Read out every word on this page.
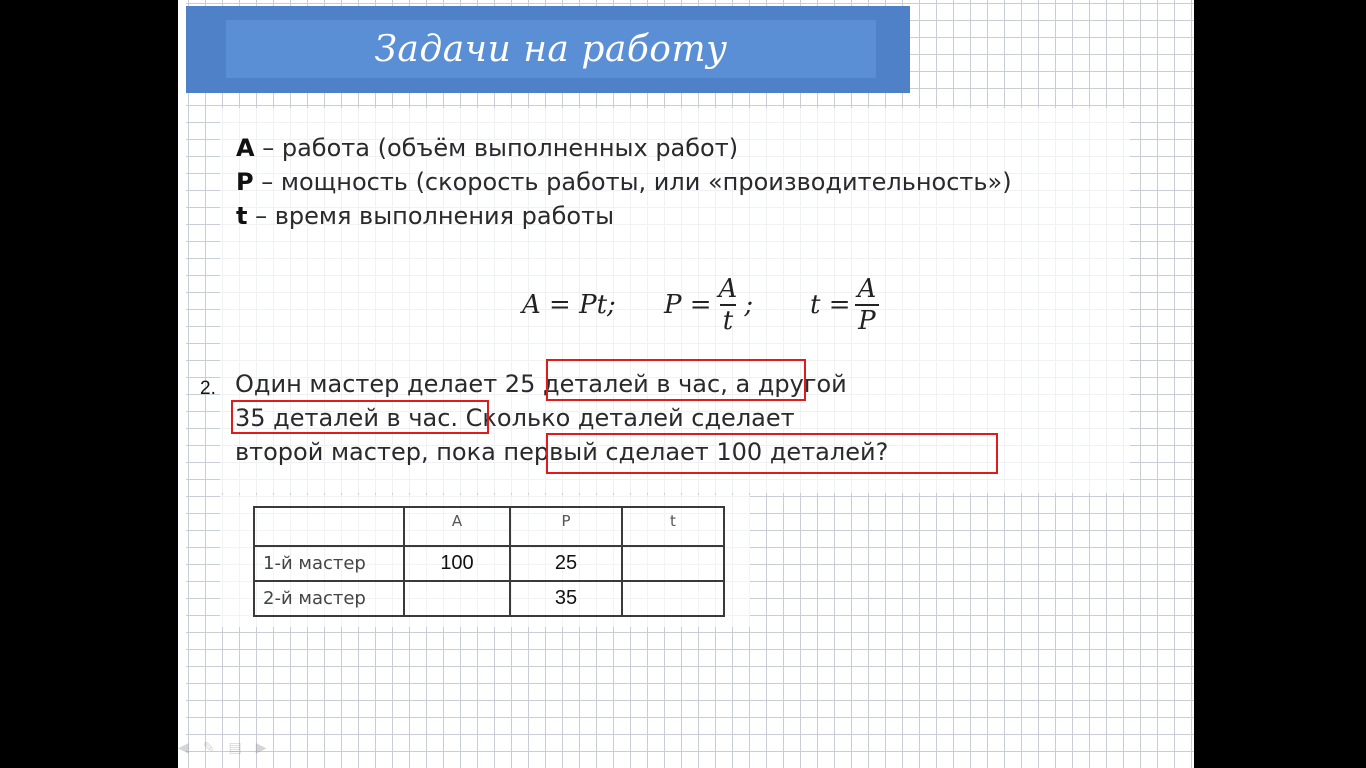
Задачи на работу
A – работа (объём выполненных работ)
P – мощность (скорость работы, или «производительность»)
t – время выполнения работы
A = Pt; $P = \frac{A}{t}$ ; $t = \frac{A}{P}$
2. Один мастер делает 25 деталей в час, а другой
35 деталей в час. Сколько деталей сделает
второй мастер, пока первый сделает 100 деталей?
	A	P	t
1-й мастер	100	25	
2-й мастер		35	
◀ ✎ ▤ ▶
